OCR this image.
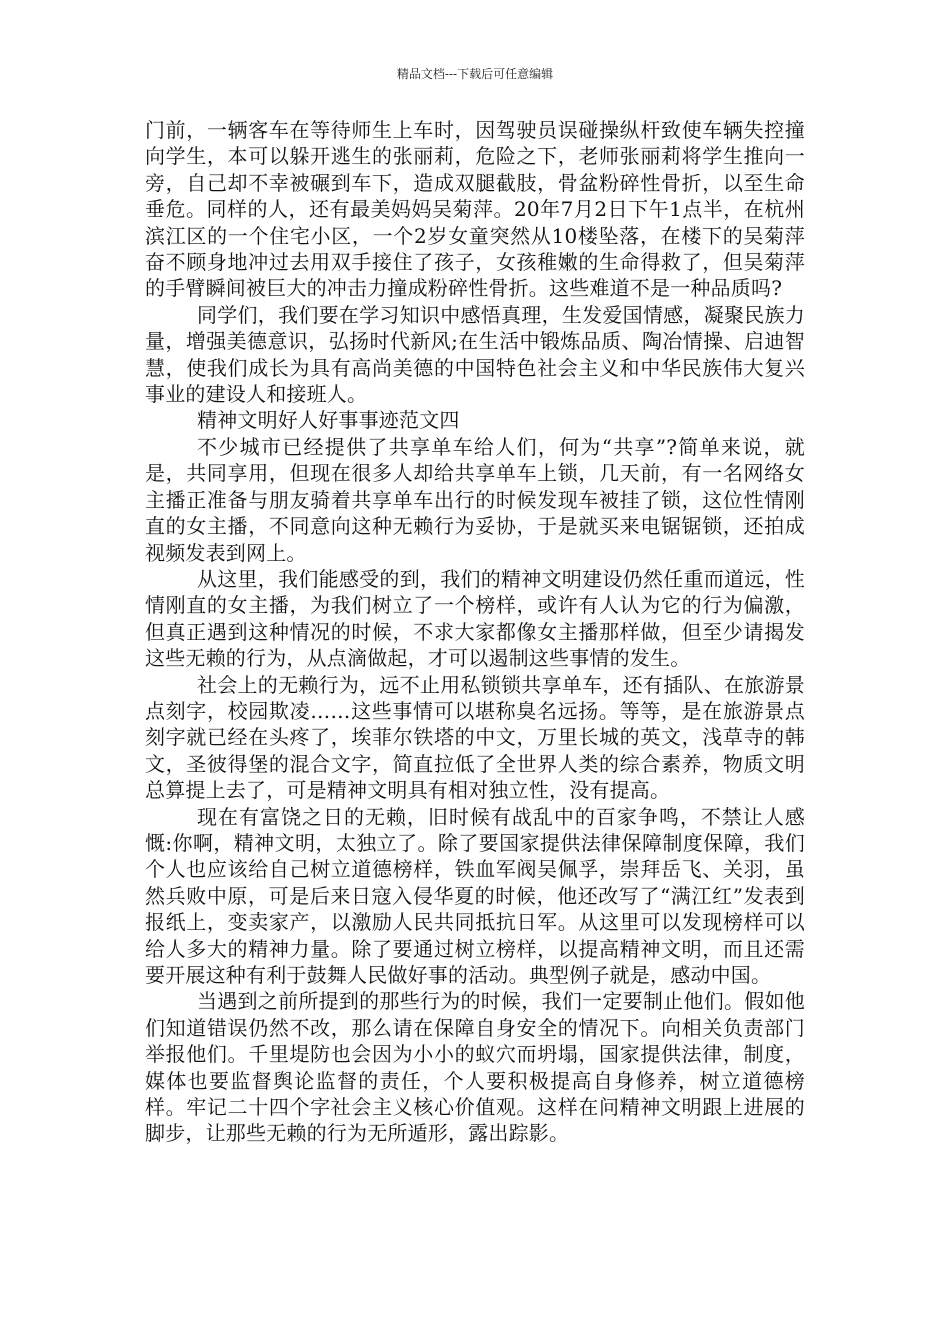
精品文档---下载后可任意编辑

门前，一辆客车在等待师生上车时，因驾驶员误碰操纵杆致使车辆失控撞向学生，本可以躲开逃生的张丽莉，危险之下，老师张丽莉将学生推向一旁，自己却不幸被碾到车下，造成双腿截肢，骨盆粉碎性骨折，以至生命垂危。同样的人，还有最美妈妈吴菊萍。20年7月2日下午1点半，在杭州滨江区的一个住宅小区，一个2岁女童突然从10楼坠落，在楼下的吴菊萍奋不顾身地冲过去用双手接住了孩子，女孩稚嫩的生命得救了，但吴菊萍的手臂瞬间被巨大的冲击力撞成粉碎性骨折。这些难道不是一种品质吗?

同学们，我们要在学习知识中感悟真理，生发爱国情感，凝聚民族力量，增强美德意识，弘扬时代新风;在生活中锻炼品质、陶冶情操、启迪智慧，使我们成长为具有高尚美德的中国特色社会主义和中华民族伟大复兴事业的建设人和接班人。

精神文明好人好事事迹范文四

不少城市已经提供了共享单车给人们，何为“共享”?简单来说，就是，共同享用，但现在很多人却给共享单车上锁，几天前，有一名网络女主播正准备与朋友骑着共享单车出行的时候发现车被挂了锁，这位性情刚直的女主播，不同意向这种无赖行为妥协，于是就买来电锯锯锁，还拍成视频发表到网上。

从这里，我们能感受的到，我们的精神文明建设仍然任重而道远，性情刚直的女主播，为我们树立了一个榜样，或许有人认为它的行为偏激，但真正遇到这种情况的时候，不求大家都像女主播那样做，但至少请揭发这些无赖的行为，从点滴做起，才可以遏制这些事情的发生。

社会上的无赖行为，远不止用私锁锁共享单车，还有插队、在旅游景点刻字，校园欺凌……这些事情可以堪称臭名远扬。等等，是在旅游景点刻字就已经在头疼了，埃菲尔铁塔的中文，万里长城的英文，浅草寺的韩文，圣彼得堡的混合文字，简直拉低了全世界人类的综合素养，物质文明总算提上去了，可是精神文明具有相对独立性，没有提高。

现在有富饶之日的无赖，旧时候有战乱中的百家争鸣，不禁让人感慨:你啊，精神文明，太独立了。除了要国家提供法律保障制度保障，我们个人也应该给自己树立道德榜样，铁血军阀吴佩孚，崇拜岳飞、关羽，虽然兵败中原，可是后来日寇入侵华夏的时候，他还改写了“满江红”发表到报纸上，变卖家产，以激励人民共同抵抗日军。从这里可以发现榜样可以给人多大的精神力量。除了要通过树立榜样，以提高精神文明，而且还需要开展这种有利于鼓舞人民做好事的活动。典型例子就是，感动中国。

当遇到之前所提到的那些行为的时候，我们一定要制止他们。假如他们知道错误仍然不改，那么请在保障自身安全的情况下。向相关负责部门举报他们。千里堤防也会因为小小的蚁穴而坍塌，国家提供法律，制度，媒体也要监督舆论监督的责任，个人要积极提高自身修养，树立道德榜样。牢记二十四个字社会主义核心价值观。这样在问精神文明跟上进展的脚步，让那些无赖的行为无所遁形，露出踪影。
